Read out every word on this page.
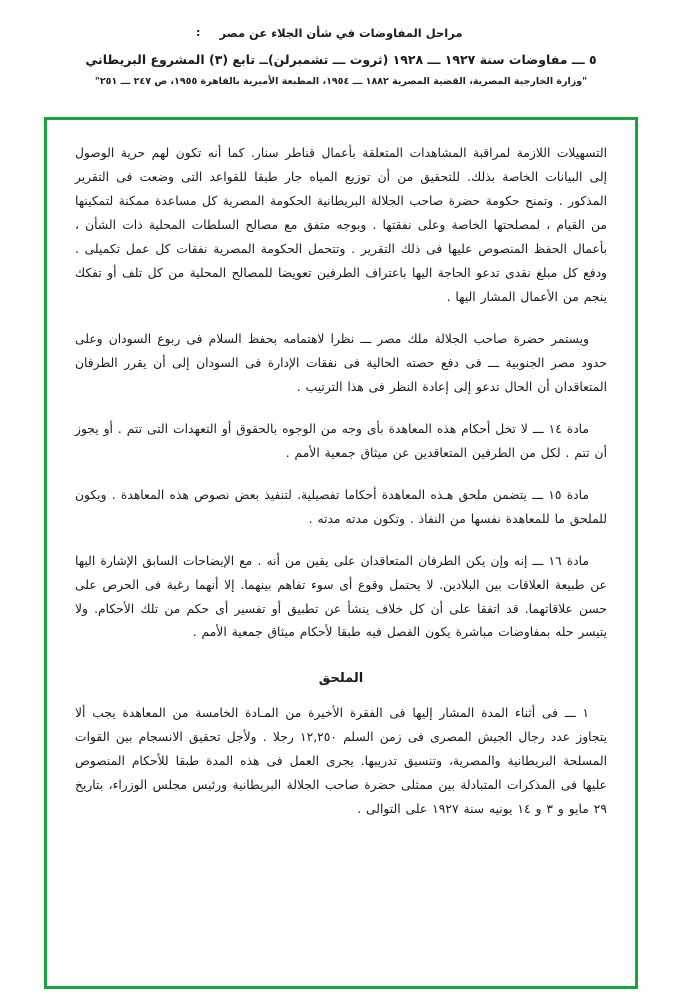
مراحل المفاوضات في شأن الجلاء عن مصر
:
٥ ـــ مفاوضات سنة ١٩٢٧ ـــ ١٩٢٨ (ثروت ـــ تشمبرلن)ــ تابع (٣) المشروع البريطاني
"وزارة الخارجية المصرية، القضية المصرية ١٨٨٢ ـــ ١٩٥٤، المطبعة الأميرية بالقاهرة ١٩٥٥، ص ٢٤٧ ـــ ٢٥١"

التسهيلات اللازمة لمراقبة المشاهدات المتعلقة بأعمال قناطر سنار. كما أنه تكون لهم حرية الوصول إلى البيانات الخاصة بذلك. للتحقيق من أن توزيع المياه جار طبقا للقواعد التى وضعت فى التقرير المذكور . وتمنح حكومة حضرة صاحب الجلالة البريطانية الحكومة المصرية كل مساعدة ممكنة لتمكينها من القيام ، لمصلحتها الخاصة وعلى نفقتها . وبوجه متفق مع مصالح السلطات المحلية ذات الشأن ، بأعمال الحفظ المنصوص عليها فى ذلك التقرير . وتتحمل الحكومة المصرية نفقات كل عمل تكميلى . ودفع كل مبلغ نقدى تدعو الحاجة اليها باعتراف الطرفين تعويضا للمصالح المحلية من كل تلف أو تفكك ينجم من الأعمال المشار اليها .

ويستمر حضرة صاحب الجلالة ملك مصر ـــ نظرا لاهتمامه بحفظ السلام فى ربوع السودان وعلى حدود مصر الجنوبية ـــ فى دفع حصته الحالية فى نفقات الإدارة فى السودان إلى أن يقرر الطرفان المتعاقدان أن الحال تدعو إلى إعادة النظر فى هذا الترتيب .

مادة ١٤ ـــ لا تخل أحكام هذه المعاهدة بأى وجه من الوجوه بالحقوق أو التعهدات التى تتم . أو يجوز أن تتم . لكل من الطرفين المتعاقدين عن ميثاق جمعية الأمم .

مادة ١٥ ـــ يتضمن ملحق هـذه المعاهدة أحكاما تفصيلية. لتنفيذ بعض نصوص هذه المعاهدة . ويكون للملحق ما للمعاهدة نفسها من النفاذ . وتكون مدته مدته .

مادة ١٦ ـــ إنه وإن يكن الطرفان المتعاقدان على يقين من أنه . مع الإيضاحات السابق الإشارة اليها عن طبيعة العلاقات بين البلادين. لا يحتمل وقوع أى سوء تفاهم بينهما. إلا أنهما رغبة فى الحرص على حسن علاقاتهما. قد اتفقا على أن كل خلاف ينشأ عن تطبيق أو تفسير أى حكم من تلك الأحكام. ولا يتيسر حله بمفاوضات مباشرة يكون الفصل فيه طبقا لأحكام ميثاق جمعية الأمم .

الملحق

١ ـــ فى أثناء المدة المشار إليها فى الفقرة الأخيرة من المـادة الخامسة من المعاهدة يجب ألا يتجاوز عدد رجال الجيش المصرى فى زمن السلم ١٢,٢٥٠ رجلا . ولأجل تحقيق الانسجام بين القوات المسلحة البريطانية والمصرية، وتنسيق تدريبها. يجرى العمل فى هذه المدة طبقا للأحكام المنصوص عليها فى المذكرات المتبادلة بين ممثلى حضرة صاحب الجلالة البريطانية ورئيس مجلس الوزراء، بتاريخ ٢٩ مايو و ٣ و ١٤ يونيه سنة ١٩٢٧ على التوالى .
